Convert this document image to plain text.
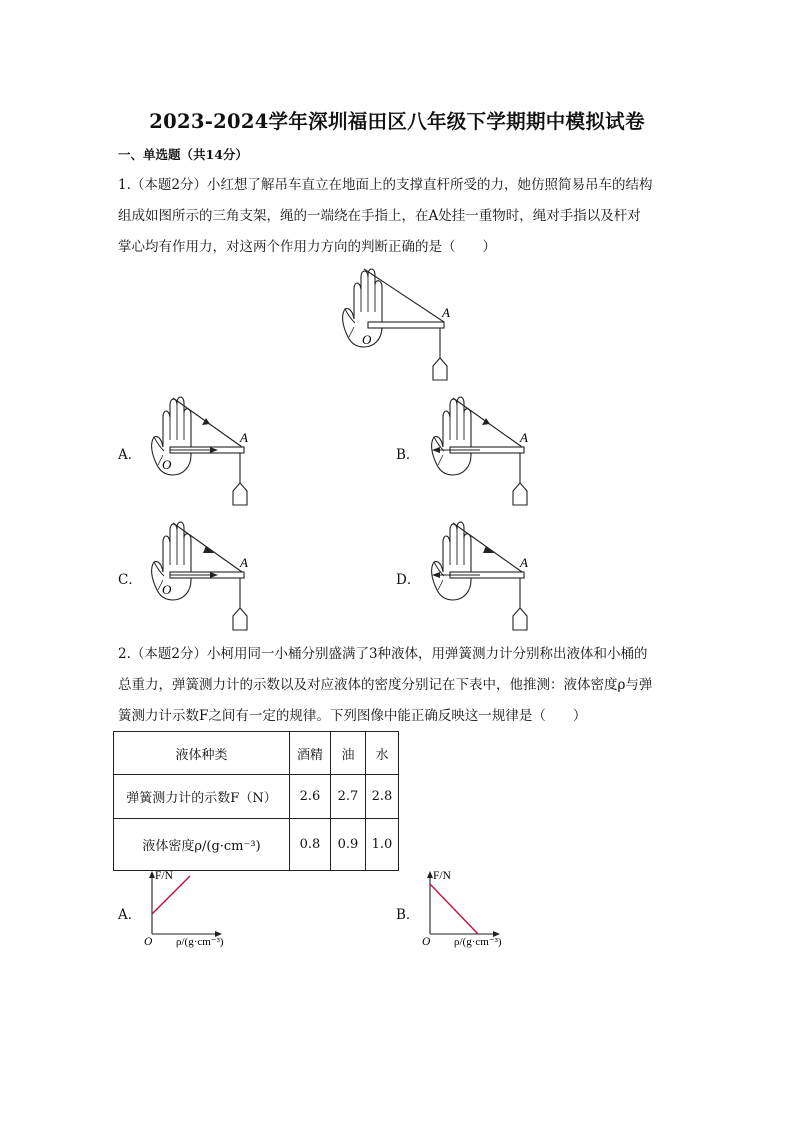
2023-2024学年深圳福田区八年级下学期期中模拟试卷
一、单选题（共14分）

1.（本题2分）小红想了解吊车直立在地面上的支撑直杆所受的力，她仿照简易吊车的结构

组成如图所示的三角支架，绳的一端绕在手指上，在A处挂一重物时，绳对手指以及杆对

掌心均有作用力，对这两个作用力方向的判断正确的是（　　）

A
O
A．
A
O
B．
A
C．
A
O
D．
A

2.（本题2分）小柯用同一小桶分别盛满了3种液体，用弹簧测力计分别称出液体和小桶的

总重力，弹簧测力计的示数以及对应液体的密度分别记在下表中，他推测：液体密度ρ与弹

簧测力计示数F之间有一定的规律。下列图像中能正确反映这一规律是（　　）

液体种类	酒精	油	水
弹簧测力计的示数F（N）	2.6	2.7	2.8
液体密度ρ/(g·cm⁻³)	0.8	0.9	1.0
A．
F/N
ρ/(g·cm⁻³)
O
B．
F/N
ρ/(g·cm⁻³)
O
